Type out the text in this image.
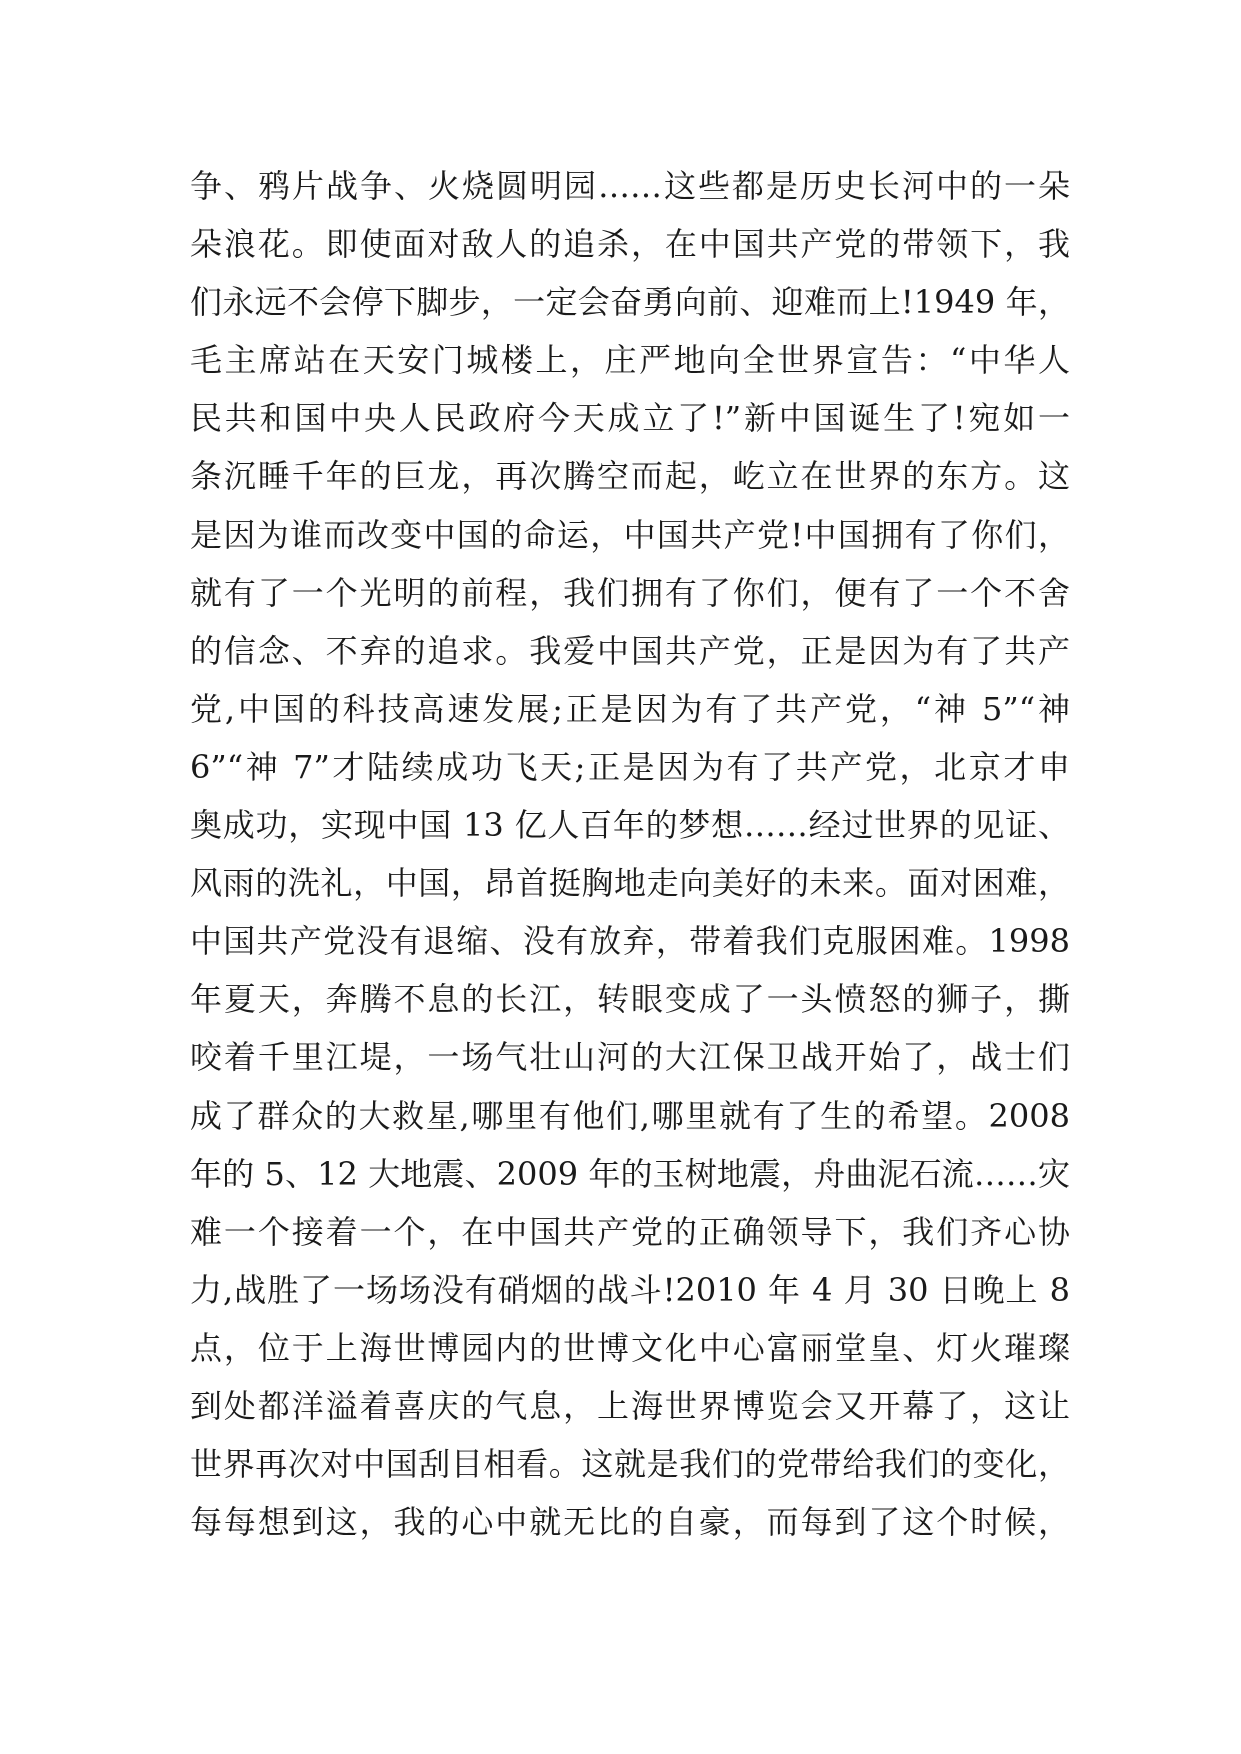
争、鸦片战争、火烧圆明园……这些都是历史长河中的一朵
朵浪花。即使面对敌人的追杀，在中国共产党的带领下，我
们永远不会停下脚步，一定会奋勇向前、迎难而上!1949 年，
毛主席站在天安门城楼上，庄严地向全世界宣告：“中华人
民共和国中央人民政府今天成立了!”新中国诞生了!宛如一
条沉睡千年的巨龙，再次腾空而起，屹立在世界的东方。这
是因为谁而改变中国的命运，中国共产党!中国拥有了你们，
就有了一个光明的前程，我们拥有了你们，便有了一个不舍
的信念、不弃的追求。我爱中国共产党，正是因为有了共产
党,中国的科技高速发展;正是因为有了共产党，“神 5”“神
6”“神 7”才陆续成功飞天;正是因为有了共产党，北京才申
奥成功，实现中国 13 亿人百年的梦想……经过世界的见证、
风雨的洗礼，中国，昂首挺胸地走向美好的未来。面对困难，
中国共产党没有退缩、没有放弃，带着我们克服困难。1998
年夏天，奔腾不息的长江，转眼变成了一头愤怒的狮子，撕
咬着千里江堤，一场气壮山河的大江保卫战开始了，战士们
成了群众的大救星,哪里有他们,哪里就有了生的希望。2008
年的 5、12 大地震、2009 年的玉树地震，舟曲泥石流……灾
难一个接着一个，在中国共产党的正确领导下，我们齐心协
力,战胜了一场场没有硝烟的战斗!2010 年 4 月 30 日晚上 8
点，位于上海世博园内的世博文化中心富丽堂皇、灯火璀璨
到处都洋溢着喜庆的气息，上海世界博览会又开幕了，这让
世界再次对中国刮目相看。这就是我们的党带给我们的变化，
每每想到这，我的心中就无比的自豪，而每到了这个时候，
